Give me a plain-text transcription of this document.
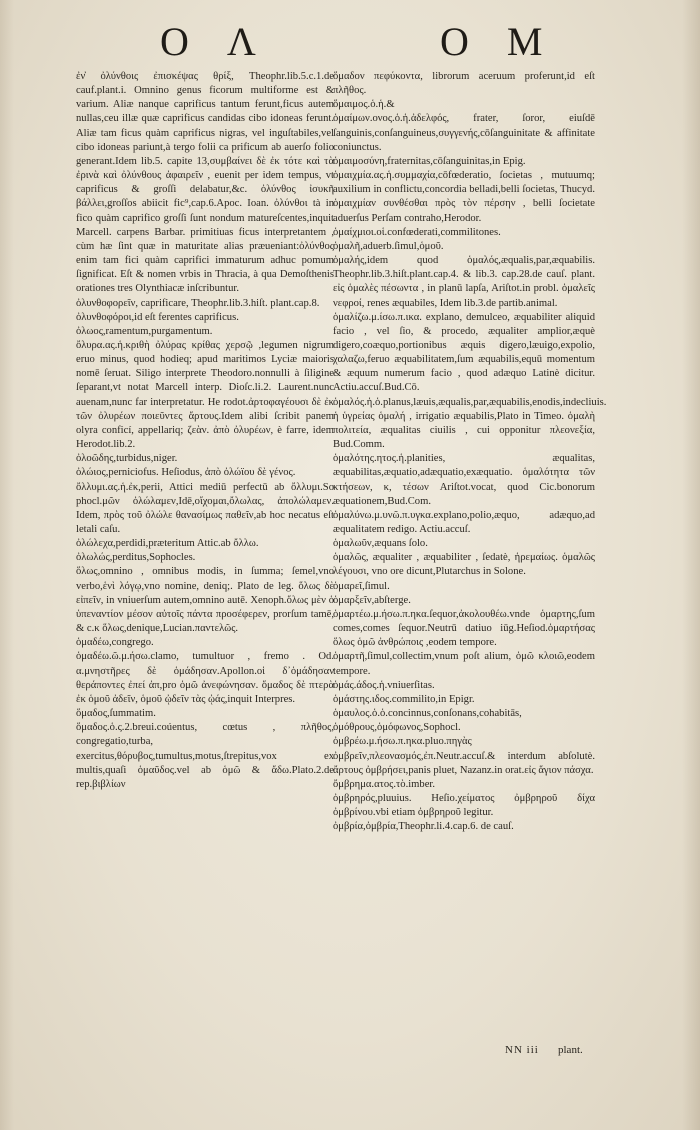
O Λ	O M

ἐν̓ ὀλύνθοις ἐπισκέψας θρίξ, Theophr.lib.5.c.1.de cauf.plant.i. Omnino genus ficorum multiforme est & varium. Aliæ nanque caprificus tantum ferunt,ficus autem nullas,ceu illæ quæ caprificus candidas cibo idoneas ferunt. Aliæ tam ficus quàm caprificus nigras, vel inguſtabiles,vel cibo idoneas pariunt,à tergo folii ca prificum ab auerſo folio generant.Idem lib.5. capite 13,συμβαίνει δὲ ἐκ τότε καὶ τὰ ἐρινὰ καὶ ὀλύνθους ἀφαιρεῖν , euenit per idem tempus, vt caprificus & groſſi delabatur,&c. ὀλύνθος ἰσυκῆ βάλλει,groſſos abiicit fic⁹,cap.6.Apoc. Ioan. ὀλύνθοι tà in fico quàm caprifico groſſi ſunt nondum matureſcentes,inquit Marcell. carpens Barbar. primitiuas ficus interpretantem , cùm hæ ſint quæ in maturitate alias præueniant:ὀλύνθος enim tam fici quàm caprifici immaturum adhuc pomum ſignificat. Eſt & nomen vrbis in Thracia, à qua Demoſthenis orationes tres Olynthiacæ inſcribuntur.

ὀλυνθοφορεῖν, caprificare, Theophr.lib.3.hiſt. plant.cap.8.

ὀλυνθοφόροι,id eſt ferentes caprificus.

ὀλωος,ramentum,purgamentum.

ὄλυρα.ας.ἡ.κριθὴ ὀλύρας κρίθας χερσῷ ,legumen nigrum eruo minus, quod hodieq; apud maritimos Lyciæ maioris nomē ſeruat. Siligo interprete Theodoro.nonnulli à ſiligine ſeparant,vt notat Marcell interp. Dioſc.li.2. Laurent.nunc auenam,nunc far interpretatur. He rodot.ἀρτοφαγέουσι δὲ ἐκ τῶν ὀλυρέων ποιεῦντες ἄρτους.Idem alibi ſcribit panem olyra conficí, appellariq; ζεὰν. ἀπὸ ὀλυρέων, è farre, idem Herodot.lib.2.

ὀλοῶδης,turbidus,niger.

ὀλώιος,perniciofus. Heſiodus, ἀπὸ ὀλώϊου δὲ γένος.

ὄλλυμι.ας.ἡ.ἐκ,perii, Attici mediū perfectū ab ὄλλυμι.So phocl.μῶν ὀλώλαμεν,Idē,οἴχομαι,ὄλωλας, ἀπολώλαμεν. Idem, πρὸς τοῦ ὀλώλε θανασίμως παθεῖν,ab hoc necatus eſt letali caſu.

ὀλώλεχα,perdidi,præteritum Attic.ab ὄλλω.

ὀλωλώς,perditus,Sophocles.

ὅλως,omnino , omnibus modis, in ſumma; ſemel,vno verbo,ἑνὶ λόγῳ,vno nomine, deniq;. Plato de leg. ὅλως δὲ εἰπεῖν, in vniuerſum autem,omnino autē. Xenoph.ὅλως μὲν ὁ ὑπεναντίον μέσον αὐτοῖς πάντα προσέφερεν, prorſum tamē, & c.κ ὅλως,denique,Lucian.παντελῶς.

ὁμαδέω,congrego.

ὁμαδέω.ῶ.μ.ήσω.clamo, tumultuor , fremo . Od. α.μνηστῆρες δὲ ὁμάδησαν.Apollon.οἱ δ᾽ὁμάδησαν θεράποντες ἐπεί ἀπ,pro ὁμῶ ἀνεφώνησαν. ὅμαδος δὲ πτερὰ ἐκ ὁμοῦ ἀδεῖν, ὁμοῦ ᾠδεῖν τὰς ᾠάς,inquit Interpres.

ὅμαδος,ſummatim.

ὅμαδος.ὁ.ς.2.breui.coúentus, cœtus , πλῆθος, congregatio,turba, exercitus,θόρυβος,tumultus,motus,ſtrepitus,vox ex multis,quaſi ὁμαῦδος.vel ab ὁμῶ & ἄδω.Plato.2.de rep.βιβλίων

ὅμαδον πεφύκοντα, librorum aceruum proferunt,id eſt πλῆθος.

ὅμαιμος.ὁ.ἡ.&

ὁμαίμων.ονος.ὁ.ἡ.ἀδελφός, frater, ſoror, eiuſdē ſanguinis,conſanguineus,συγγενής,cōſanguinitate & affinitate coniunctus.

ὁμαιμοσύνη,fraternitas,cōſanguinitas,in Epig.

ὁμαιχμία.ας.ἡ.συμμαχία,cōfœderatio, ſocietas , mutuumq; auxilium in conflictu,concordia belladi,belli ſocietas, Thucyd. ὁμαιχμίαν συνθέσθαι πρὸς τὸν πέρσην , belli ſocietate aduerſus Perſam contraho,Herodor.

ὁμαίχμιοι.οἱ.confœderati,commilitones.

ὁμαλῆ,aduerb.ſimul,ὁμοῦ.

ὁμαλής,idem quod ὁμαλός,æqualis,par,æquabilis. Theophr.lib.3.hiſt.plant.cap.4. & lib.3. cap.28.de cauſ. plant. εἰς ὁμαλὲς πέσωντα , in planū lapſa, Ariſtot.in probl. ὁμαλεῖς νεφροί, renes æquabiles, Idem lib.3.de partib.animal.

ὁμαλίζω.μ.ίσω.π.ικα. explano, demulceo, æquabiliter aliquid facio , vel ſio, & procedo, æqualiter amplior,æquè digero,coæquo,portionibus æquis digero,læuigo,expolio, χαλαζω,feruo æquabilitatem,ſum æquabilis,equū momentum & æquum numerum facio , quod adæquo Latinè dicitur. Actiu.accuſ.Bud.Cō.

ὁμαλός.ἡ.ὁ.planus,læuis,æqualis,par,æquabilis,enodis,indecliuis. ἡ ὑγρείας ὁμαλή , irrigatio æquabilis,Plato in Timeo. ὁμαλὴ πολιτεία, æqualitas ciuilis , cui opponitur πλεονεξία, Bud.Comm.

ὁμαλότης.ητος.ἡ.planities, æqualitas, æquabilitas,æquatio,adæquatio,exæquatio. ὁμαλότητα τῶν κτήσεων, κ, τέσων Ariſtot.vocat, quod Cic.bonorum æquationem,Bud.Com.

ὁμαλύνω.μ.υνῶ.π.υγκα.explano,polio,æquo, adæquo,ad æqualitatem redigo. Actiu.accuſ.

ὁμαλωῦν,æquans ſolo.

ὁμαλῶς, æqualiter , æquabiliter , ſedatè, ἡρεμαίως. ὁμαλῶς λέγουσι, vno ore dicunt,Plutarchus in Solone.

ὁμαρεῖ,ſimul.

ὁμαρξεῖν,abſterge.

ὁμαρτέω.μ.ήσω.π.ηκα.ſequor,ἀκολουθέω.vnde ὁμαρτης,ſum comes,comes ſequor.Neutrū datiuo iūg.Heſiod.ὁμαρτήσας ὅλως ὁμῶ ἀνθρώποις ,eodem tempore.

ὁμαρτῆ,ſimul,collectim,vnum poſt alium, ὁμῶ κλοιῶ,eodem tempore.

ὁμάς.άδος.ἡ.vniuerſitas.

ὁμάστης.ιδος.commilito,in Epigr.

ὁμαυλος.ὁ.ὁ.concinnus,conſonans,cohabitās, ὁμόθρους,ὁμόφωνος,Sophocl.

ὀμβρέω.μ.ήσω.π.ηκα.pluo.πηγὰς ὀμβρεῖν,πλεονασμός,ἐπ.Neutr.accuſ.& interdum abſolutè. ἄρτους ὀμβρήσει,panis pluet, Nazanz.in orat.εἰς ἅγιον πάσχα.

ὄμβρημα.ατος.τὸ.imber.

ὀμβρηρός,pluuius. Heſio.χείματος ὀμβρηροῦ δίχα ὀμβρίνου.vbi etiam ὀμβρηροῦ legitur.

ὀμβρία,ὀμβρία,Theophr.li.4.cap.6. de cauſ.

NN iii plant.
